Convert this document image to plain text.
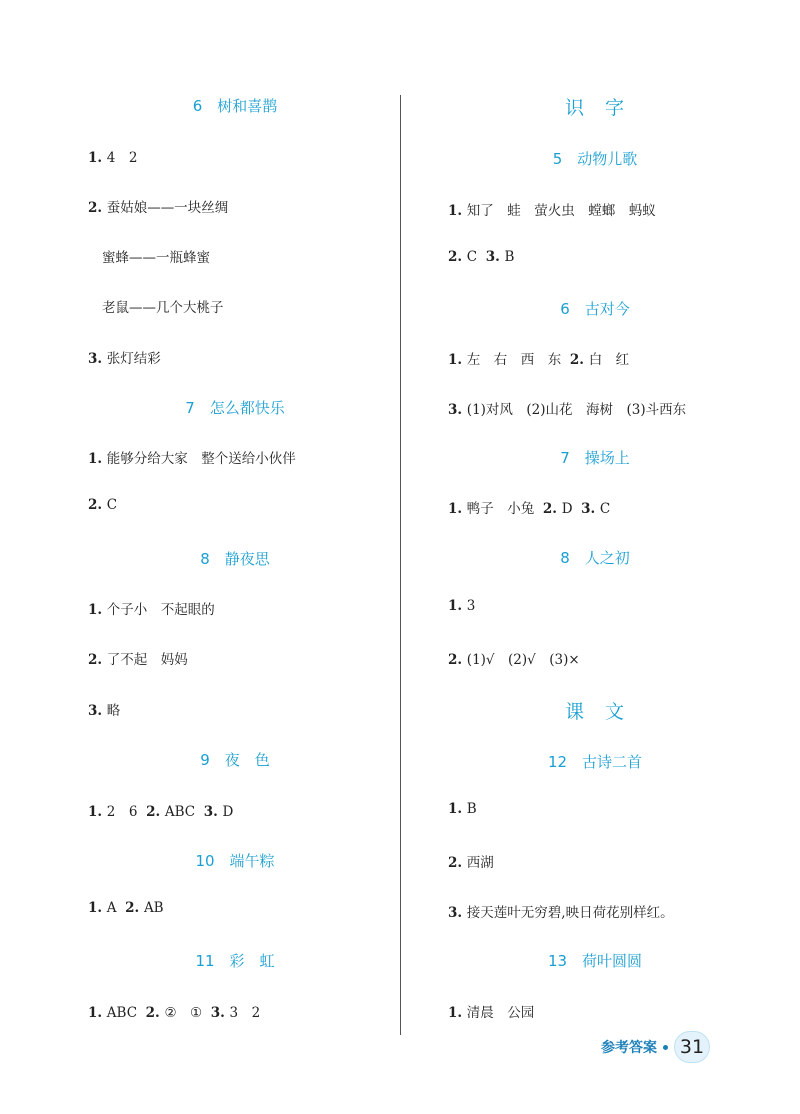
6　树和喜鹊
1. 4　2
2. 蚕姑娘——一块丝绸
蜜蜂——一瓶蜂蜜
老鼠——几个大桃子
3. 张灯结彩
7　怎么都快乐
1. 能够分给大家　整个送给小伙伴
2. C
8　静夜思
1. 个子小　不起眼的
2. 了不起　妈妈
3. 略
9　夜　色
1. 2　6 2. ABC 3. D
10　端午粽
1. A 2. AB
11　彩　虹
1. ABC 2. ②　① 3. 3　2
识　字
5　动物儿歌
1. 知了　蛙　萤火虫　螳螂　蚂蚁
2. C 3. B
6　古对今
1. 左　右　西　东 2. 白　红
3. (1)对风　(2)山花　海树　(3)斗西东
7　操场上
1. 鸭子　小兔 2. D 3. C
8　人之初
1. 3
2. (1)√　(2)√　(3)×
课　文
12　古诗二首
1. B
2. 西湖
3. 接天莲叶无穷碧,映日荷花别样红。
13　荷叶圆圆
1. 清晨　公园
参考答案	31
